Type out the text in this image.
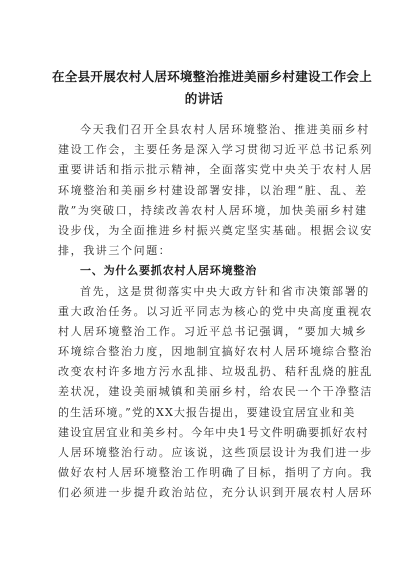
在全县开展农村人居环境整治推进美丽乡村建设工作会上
的讲话
今天我们召开全县农村人居环境整治、推进美丽乡村
建设工作会，主要任务是深入学习贯彻习近平总书记系列
重要讲话和指示批示精神，全面落实党中央关于农村人居
环境整治和美丽乡村建设部署安排，以治理“脏、乱、差
散”为突破口，持续改善农村人居环境，加快美丽乡村建
设步伐，为全面推进乡村振兴奠定坚实基础。根据会议安
排，我讲三个问题：
一、为什么要抓农村人居环境整治
首先，这是贯彻落实中央大政方针和省市决策部署的
重大政治任务。以习近平同志为核心的党中央高度重视农
村人居环境整治工作。习近平总书记强调，“要加大城乡
环境综合整治力度，因地制宜搞好农村人居环境综合整治
改变农村许多地方污水乱排、垃圾乱扔、秸秆乱烧的脏乱
差状况，建设美丽城镇和美丽乡村，给农民一个干净整洁
的生活环境。”党的XX大报告提出，要建设宜居宜业和美
建设宜居宜业和美乡村。今年中央1号文件明确要抓好农村
人居环境整治行动。应该说，这些顶层设计为我们进一步
做好农村人居环境整治工作明确了目标，指明了方向。我
们必须进一步提升政治站位，充分认识到开展农村人居环
